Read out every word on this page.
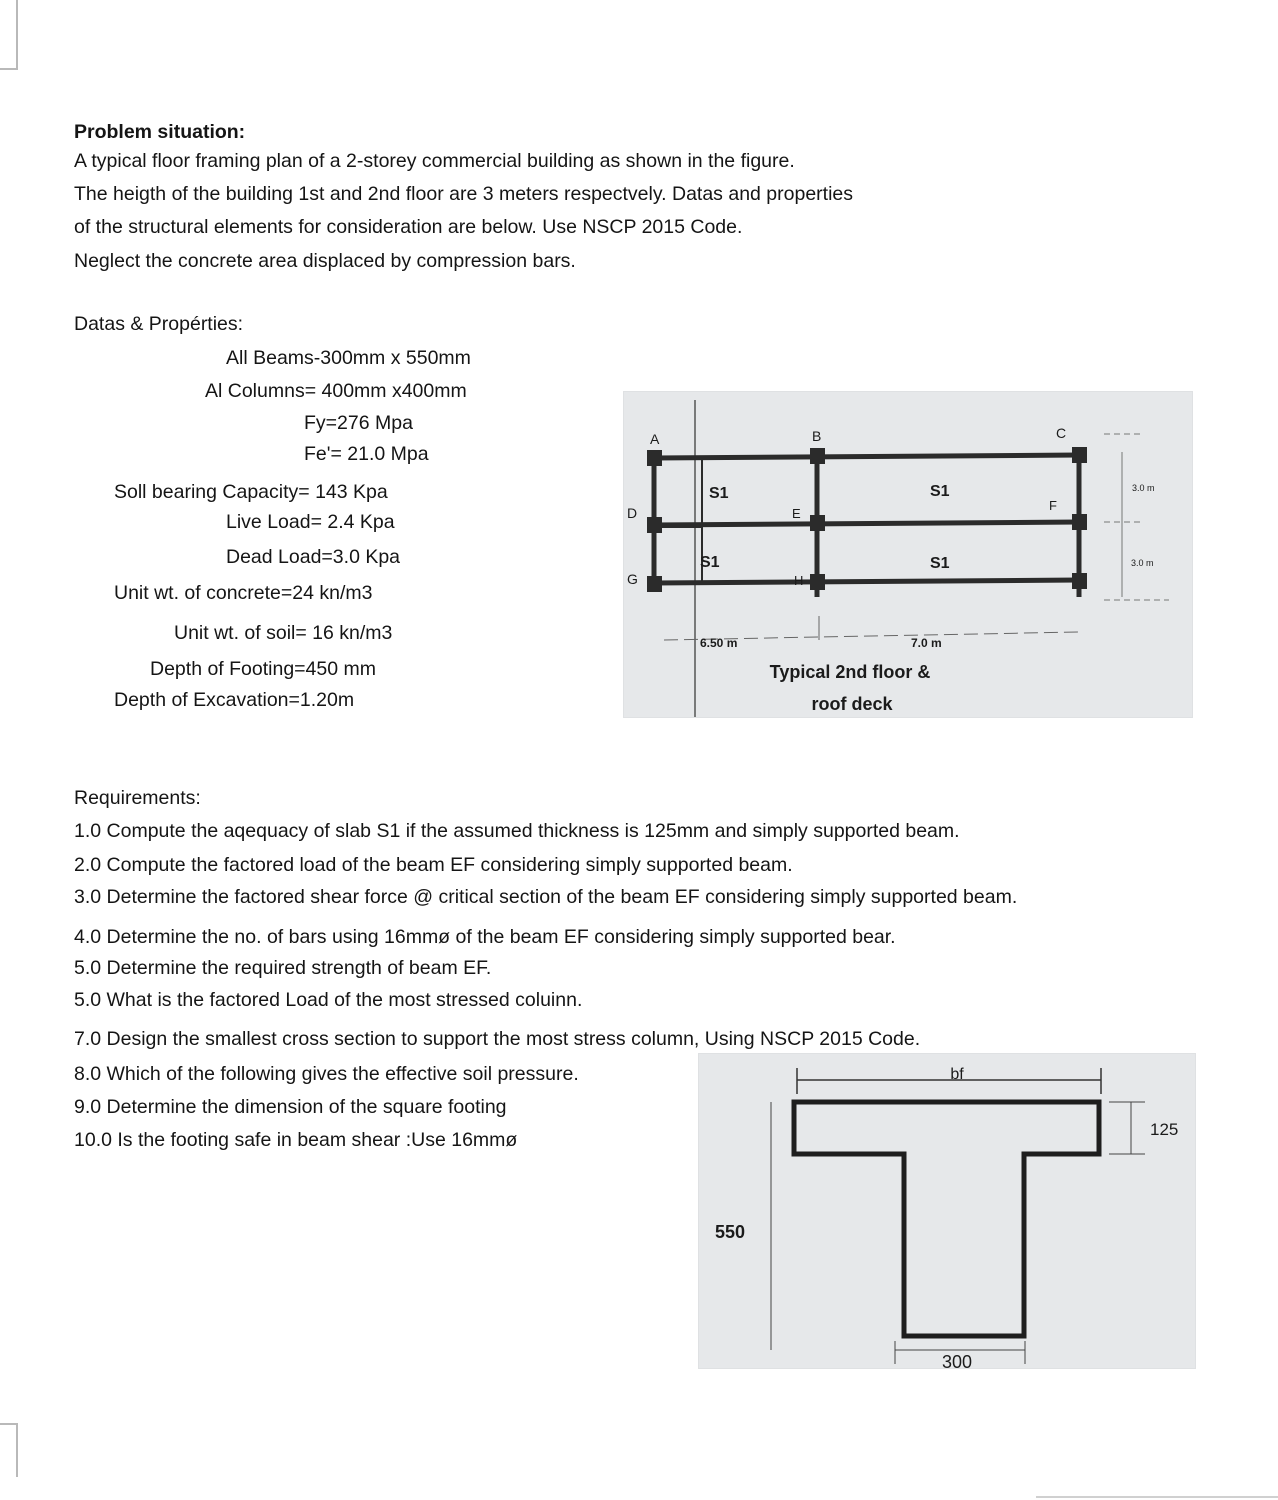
Problem situation:
A typical floor framing plan of a 2-storey commercial building as shown in the figure.
The heigth of the building 1st and 2nd floor are 3 meters respectvely. Datas and properties
of the structural elements for consideration are below. Use NSCP 2015 Code.
Neglect the concrete area displaced by compression bars.
Datas & Propérties:
All Beams-300mm x 550mm
Al Columns= 400mm x400mm
Fy=276 Mpa
Fe'= 21.0 Mpa
Soll bearing Capacity= 143 Kpa
Live Load= 2.4 Kpa
Dead Load=3.0 Kpa
Unit wt. of concrete=24 kn/m3
Unit wt. of soil= 16 kn/m3
Depth of Footing=450 mm
Depth of Excavation=1.20m
A	B	C
D	E
F
G	H
S1	S1
S1	S1
6.50 m	7.0 m
3.0 m
3.0 m
Typical 2nd floor &
roof deck
Requirements:
1.0 Compute the aqequacy of slab S1 if the assumed thickness is 125mm and simply supported beam.
2.0 Compute the factored load of the beam EF considering simply supported beam.
3.0 Determine the factored shear force @ critical section of the beam EF considering simply supported beam.
4.0 Determine the no. of bars using 16mmø of the beam EF considering simply supported bear.
5.0 Determine the required strength of beam EF.
5.0 What is the factored Load of the most stressed coluinn.
7.0 Design the smallest cross section to support the most stress column, Using NSCP 2015 Code.
8.0 Which of the following gives the effective soil pressure.
9.0 Determine the dimension of the square footing
10.0 Is the footing safe in beam shear :Use 16mmø
bf
125
550
300
